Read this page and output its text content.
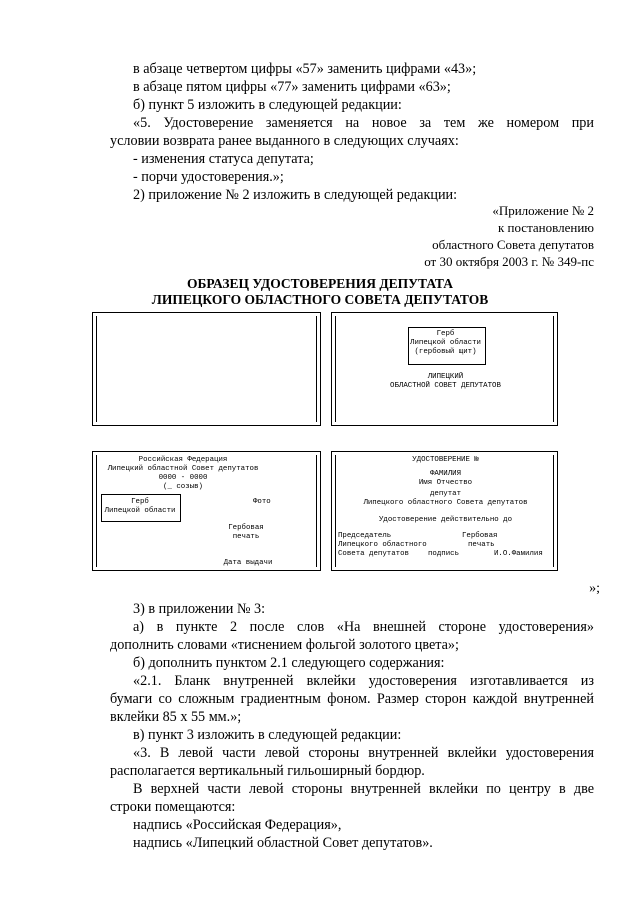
в абзаце четвертом цифры «57» заменить цифрами «43»;
в абзаце пятом цифры «77» заменить цифрами «63»;
б) пункт 5 изложить в следующей редакции:
«5. Удостоверение заменяется на новое за тем же номером при
условии возврата ранее выданного в следующих случаях:
- изменения статуса депутата;
- порчи удостоверения.»;
2) приложение № 2 изложить в следующей редакции:
«Приложение № 2
к постановлению
областного Совета депутатов
от 30 октября 2003 г. № 349-пс
ОБРАЗЕЦ УДОСТОВЕРЕНИЯ ДЕПУТАТА
ЛИПЕЦКОГО ОБЛАСТНОГО СОВЕТА ДЕПУТАТОВ
Герб
Липецкой области
(гербовый щит)
ЛИПЕЦКИЙ
ОБЛАСТНОЙ СОВЕТ ДЕПУТАТОВ
Российская Федерация
Липецкий областной Совет депутатов
0000 - 0000
(_ созыв)
Герб
Липецкой области
Фото
Гербовая
печать
Дата выдачи
УДОСТОВЕРЕНИЕ №
ФАМИЛИЯ
Имя Отчество
депутат
Липецкого областного Совета депутатов
Удостоверение действительно до
Председатель
Липецкого областного
Совета депутатов	подпись	И.О.Фамилия
Гербовая
печать
»;
3) в приложении № 3:
а) в пункте 2 после слов «На внешней стороне удостоверения»
дополнить словами «тиснением фольгой золотого цвета»;
б) дополнить пунктом 2.1 следующего содержания:
«2.1. Бланк внутренней вклейки удостоверения изготавливается из
бумаги со сложным градиентным фоном. Размер сторон каждой внутренней
вклейки 85 х 55 мм.»;
в) пункт 3 изложить в следующей редакции:
«3. В левой части левой стороны внутренней вклейки удостоверения
располагается вертикальный гильоширный бордюр.
В верхней части левой стороны внутренней вклейки по центру в две
строки помещаются:
надпись «Российская Федерация»,
надпись «Липецкий областной Совет депутатов».
